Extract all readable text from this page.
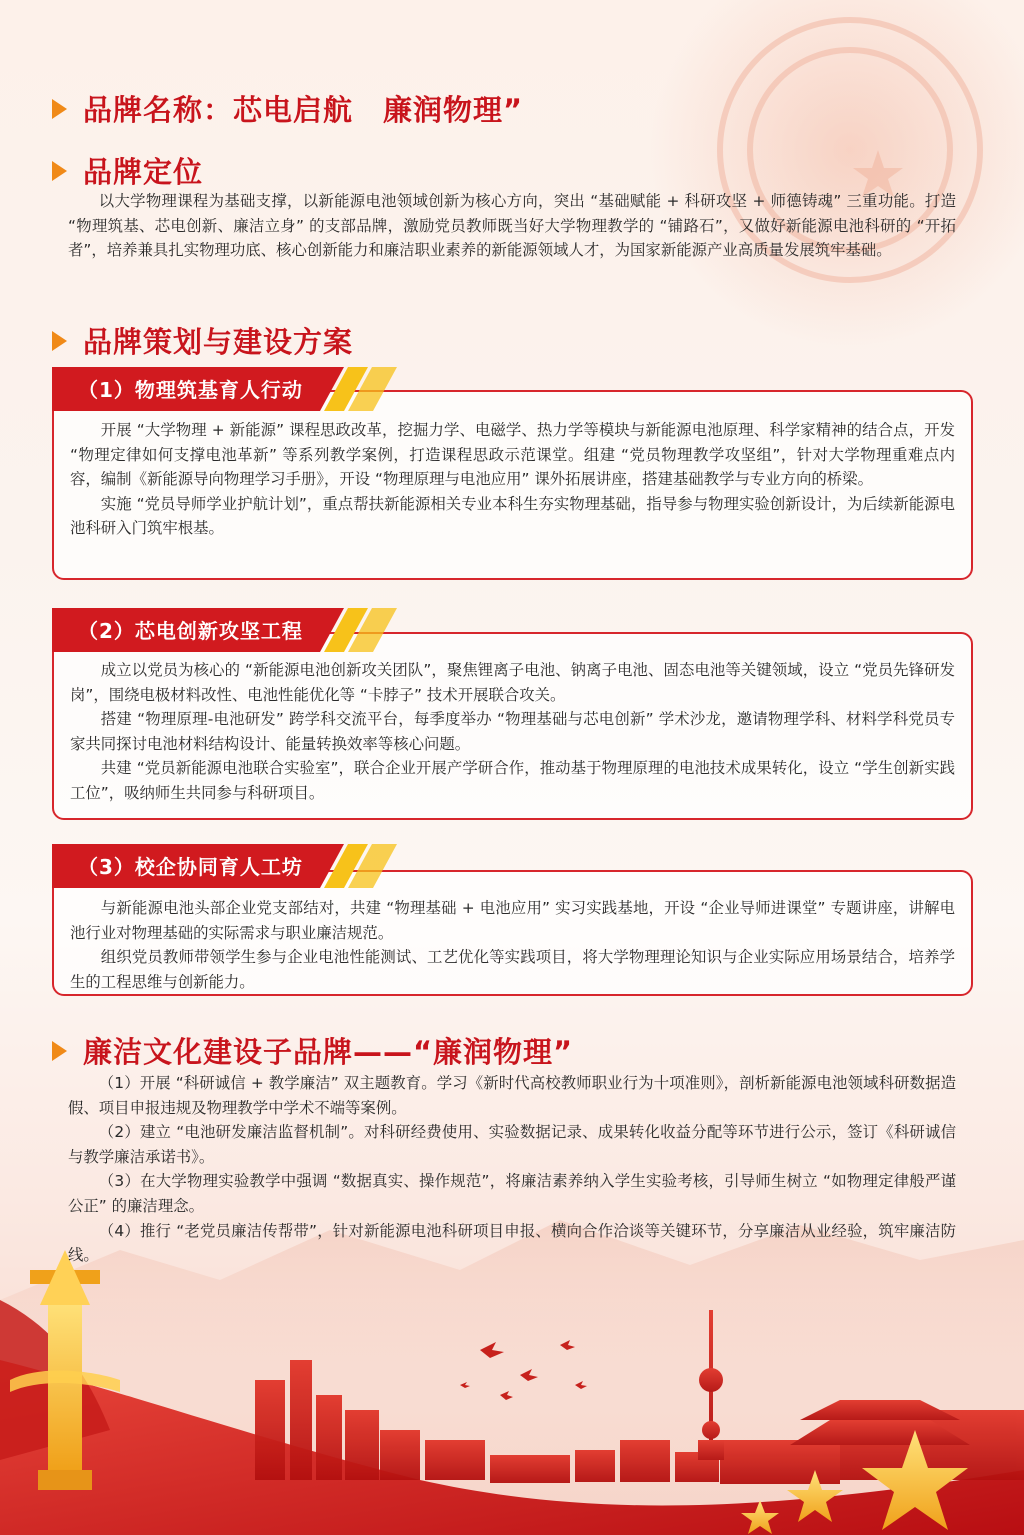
品牌名称：芯电启航　廉润物理”
品牌定位

以大学物理课程为基础支撑，以新能源电池领域创新为核心方向，突出 “基础赋能 + 科研攻坚 + 师德铸魂” 三重功能。打造 “物理筑基、芯电创新、廉洁立身” 的支部品牌，激励党员教师既当好大学物理教学的 “铺路石”，又做好新能源电池科研的 “开拓者”，培养兼具扎实物理功底、核心创新能力和廉洁职业素养的新能源领域人才，为国家新能源产业高质量发展筑牢基础。

品牌策划与建设方案

开展 “大学物理 + 新能源” 课程思政改革，挖掘力学、电磁学、热力学等模块与新能源电池原理、科学家精神的结合点，开发 “物理定律如何支撑电池革新” 等系列教学案例，打造课程思政示范课堂。组建 “党员物理教学攻坚组”，针对大学物理重难点内容，编制《新能源导向物理学习手册》，开设 “物理原理与电池应用” 课外拓展讲座，搭建基础教学与专业方向的桥梁。

实施 “党员导师学业护航计划”，重点帮扶新能源相关专业本科生夯实物理基础，指导参与物理实验创新设计，为后续新能源电池科研入门筑牢根基。

（1）物理筑基育人行动

成立以党员为核心的 “新能源电池创新攻关团队”，聚焦锂离子电池、钠离子电池、固态电池等关键领域，设立 “党员先锋研发岗”，围绕电极材料改性、电池性能优化等 “卡脖子” 技术开展联合攻关。

搭建 “物理原理-电池研发” 跨学科交流平台，每季度举办 “物理基础与芯电创新” 学术沙龙，邀请物理学科、材料学科党员专家共同探讨电池材料结构设计、能量转换效率等核心问题。

共建 “党员新能源电池联合实验室”，联合企业开展产学研合作，推动基于物理原理的电池技术成果转化，设立 “学生创新实践工位”，吸纳师生共同参与科研项目。

（2）芯电创新攻坚工程

与新能源电池头部企业党支部结对，共建 “物理基础 + 电池应用” 实习实践基地，开设 “企业导师进课堂” 专题讲座，讲解电池行业对物理基础的实际需求与职业廉洁规范。

组织党员教师带领学生参与企业电池性能测试、工艺优化等实践项目，将大学物理理论知识与企业实际应用场景结合，培养学生的工程思维与创新能力。

（3）校企协同育人工坊
廉洁文化建设子品牌——“廉润物理”

（1）开展 “科研诚信 + 教学廉洁” 双主题教育。学习《新时代高校教师职业行为十项准则》，剖析新能源电池领域科研数据造假、项目申报违规及物理教学中学术不端等案例。

（2）建立 “电池研发廉洁监督机制”。对科研经费使用、实验数据记录、成果转化收益分配等环节进行公示，签订《科研诚信与教学廉洁承诺书》。

（3）在大学物理实验教学中强调 “数据真实、操作规范”，将廉洁素养纳入学生实验考核，引导师生树立 “如物理定律般严谨公正” 的廉洁理念。

（4）推行 “老党员廉洁传帮带”，针对新能源电池科研项目申报、横向合作洽谈等关键环节，分享廉洁从业经验，筑牢廉洁防线。
